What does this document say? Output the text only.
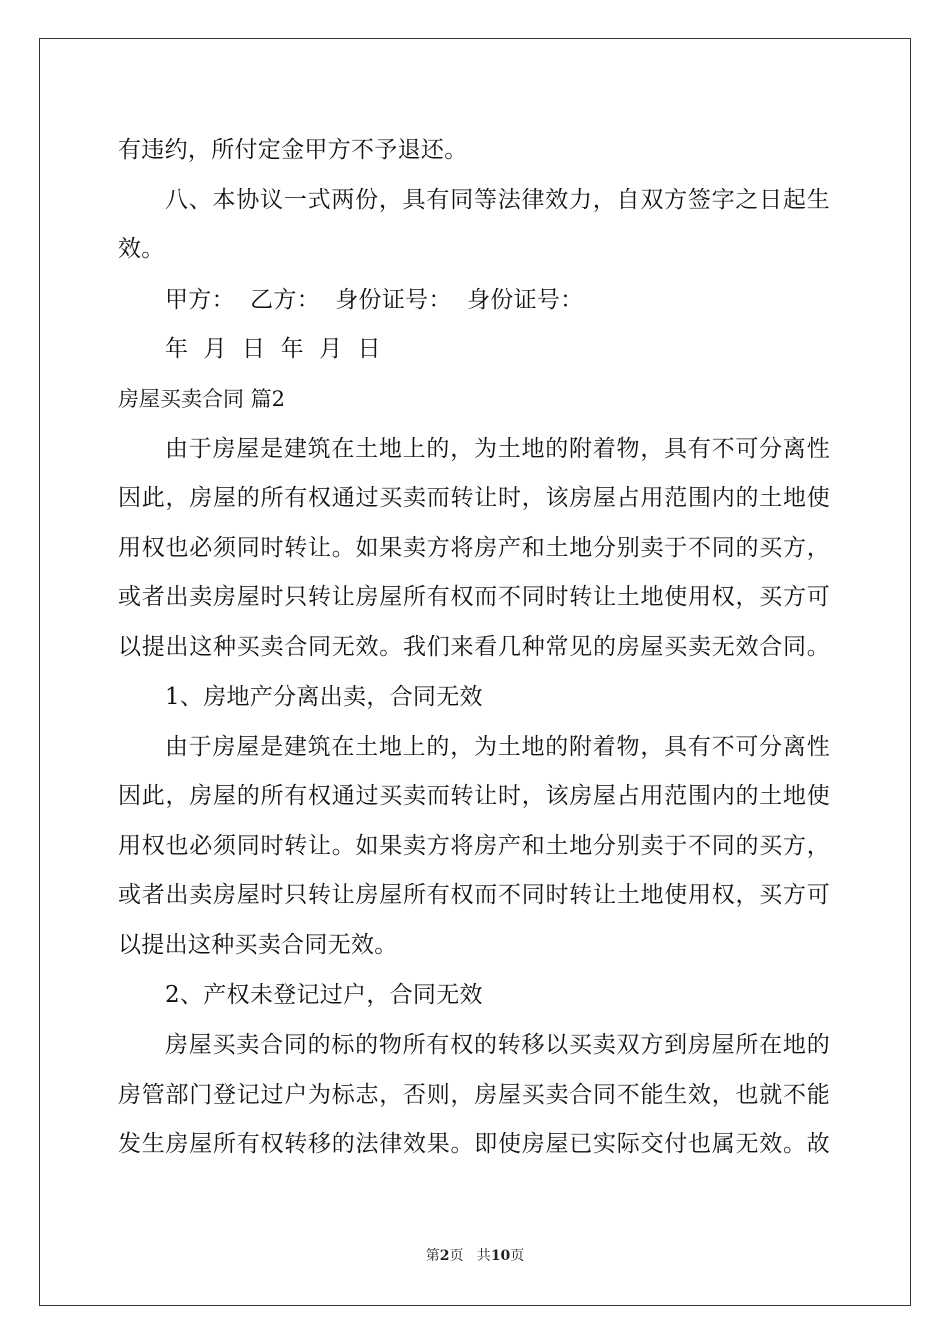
有违约，所付定金甲方不予退还。
八、本协议一式两份，具有同等法律效力，自双方签字之日起生
效。
甲方：  乙方：  身份证号：  身份证号：
年  月  日  年  月  日
房屋买卖合同 篇2
由于房屋是建筑在土地上的，为土地的附着物，具有不可分离性
因此，房屋的所有权通过买卖而转让时，该房屋占用范围内的土地使
用权也必须同时转让。如果卖方将房产和土地分别卖于不同的买方，
或者出卖房屋时只转让房屋所有权而不同时转让土地使用权，买方可
以提出这种买卖合同无效。我们来看几种常见的房屋买卖无效合同。
1、房地产分离出卖，合同无效
由于房屋是建筑在土地上的，为土地的附着物，具有不可分离性
因此，房屋的所有权通过买卖而转让时，该房屋占用范围内的土地使
用权也必须同时转让。如果卖方将房产和土地分别卖于不同的买方，
或者出卖房屋时只转让房屋所有权而不同时转让土地使用权，买方可
以提出这种买卖合同无效。
2、产权未登记过户，合同无效
房屋买卖合同的标的物所有权的转移以买卖双方到房屋所在地的
房管部门登记过户为标志，否则，房屋买卖合同不能生效，也就不能
发生房屋所有权转移的法律效果。即使房屋已实际交付也属无效。故
第2页   共10页
